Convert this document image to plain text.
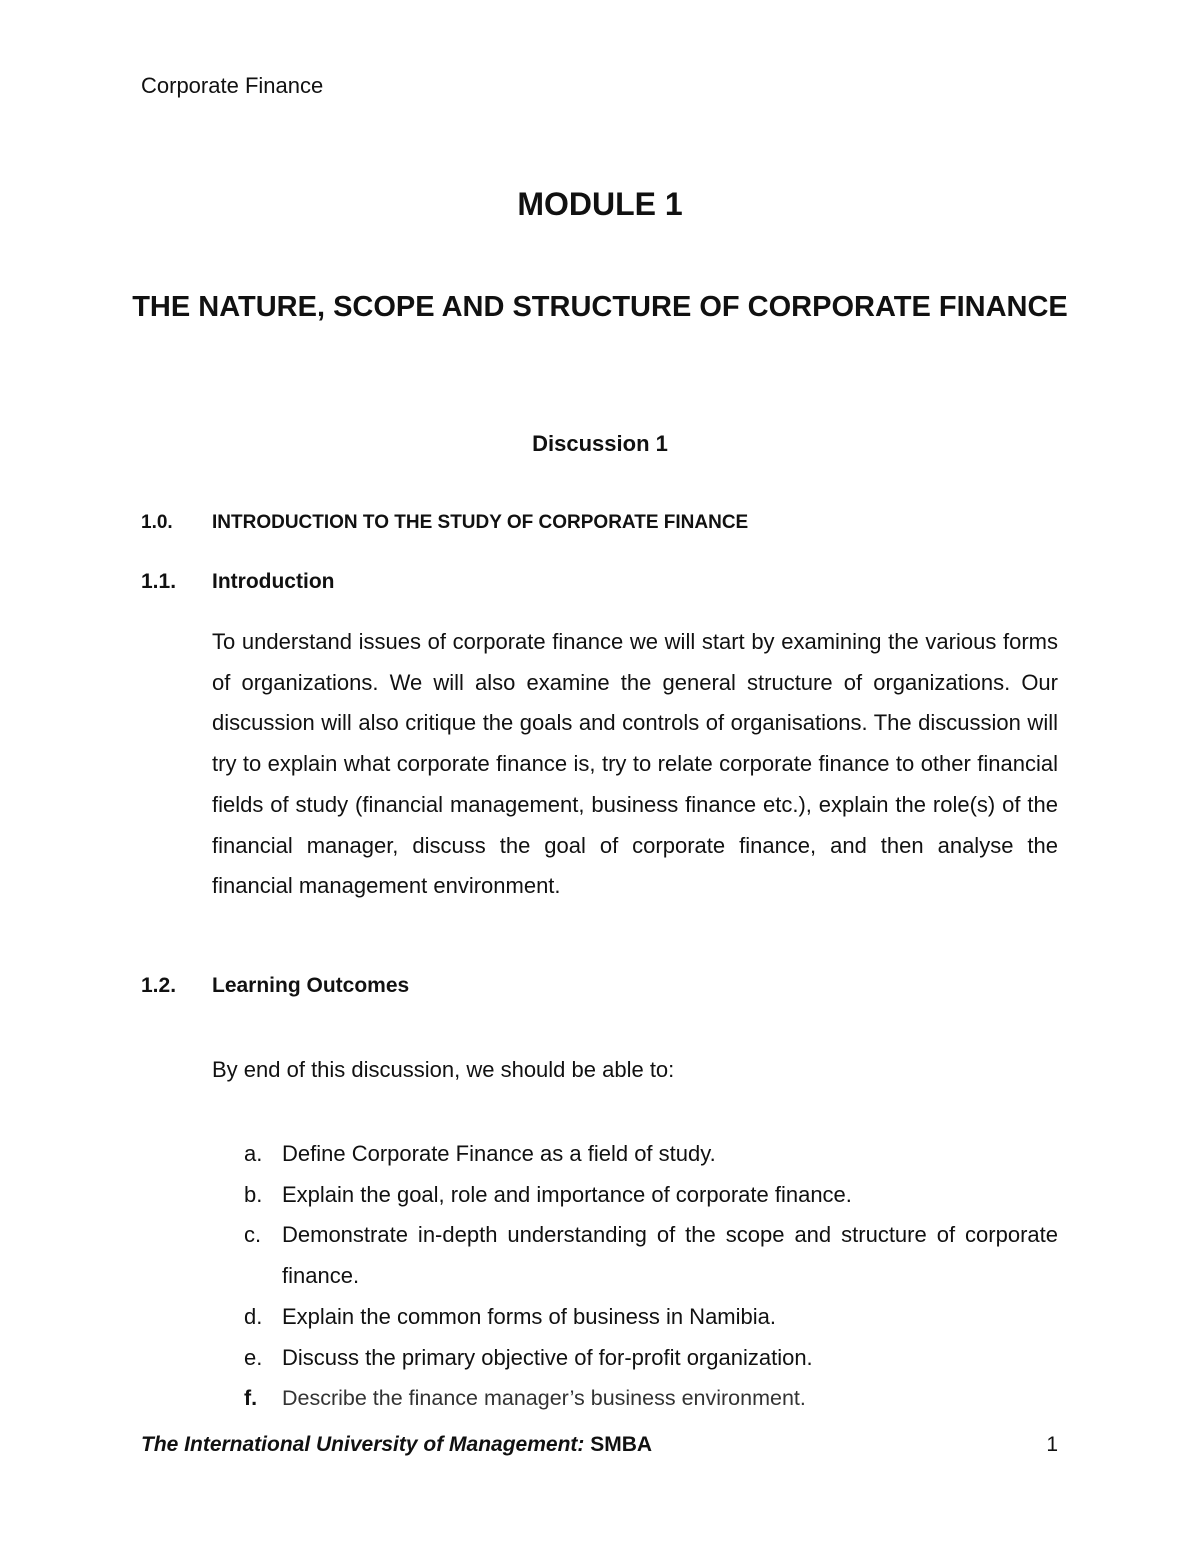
Corporate Finance
MODULE 1
THE NATURE, SCOPE AND STRUCTURE OF CORPORATE FINANCE
Discussion 1
1.0. INTRODUCTION TO THE STUDY OF CORPORATE FINANCE
1.1. Introduction

To understand issues of corporate finance we will start by examining the various forms of organizations. We will also examine the general structure of organizations. Our discussion will also critique the goals and controls of organisations. The discussion will try to explain what corporate finance is, try to relate corporate finance to other financial fields of study (financial management, business finance etc.), explain the role(s) of the financial manager, discuss the goal of corporate finance, and then analyse the financial management environment.

1.2. Learning Outcomes
By end of this discussion, we should be able to:
a. Define Corporate Finance as a field of study.
b. Explain the goal, role and importance of corporate finance.
c. Demonstrate in-depth understanding of the scope and structure of corporate finance.
d. Explain the common forms of business in Namibia.
e. Discuss the primary objective of for-profit organization.
f. Describe the finance manager’s business environment.
The International University of Management: SMBA	1
